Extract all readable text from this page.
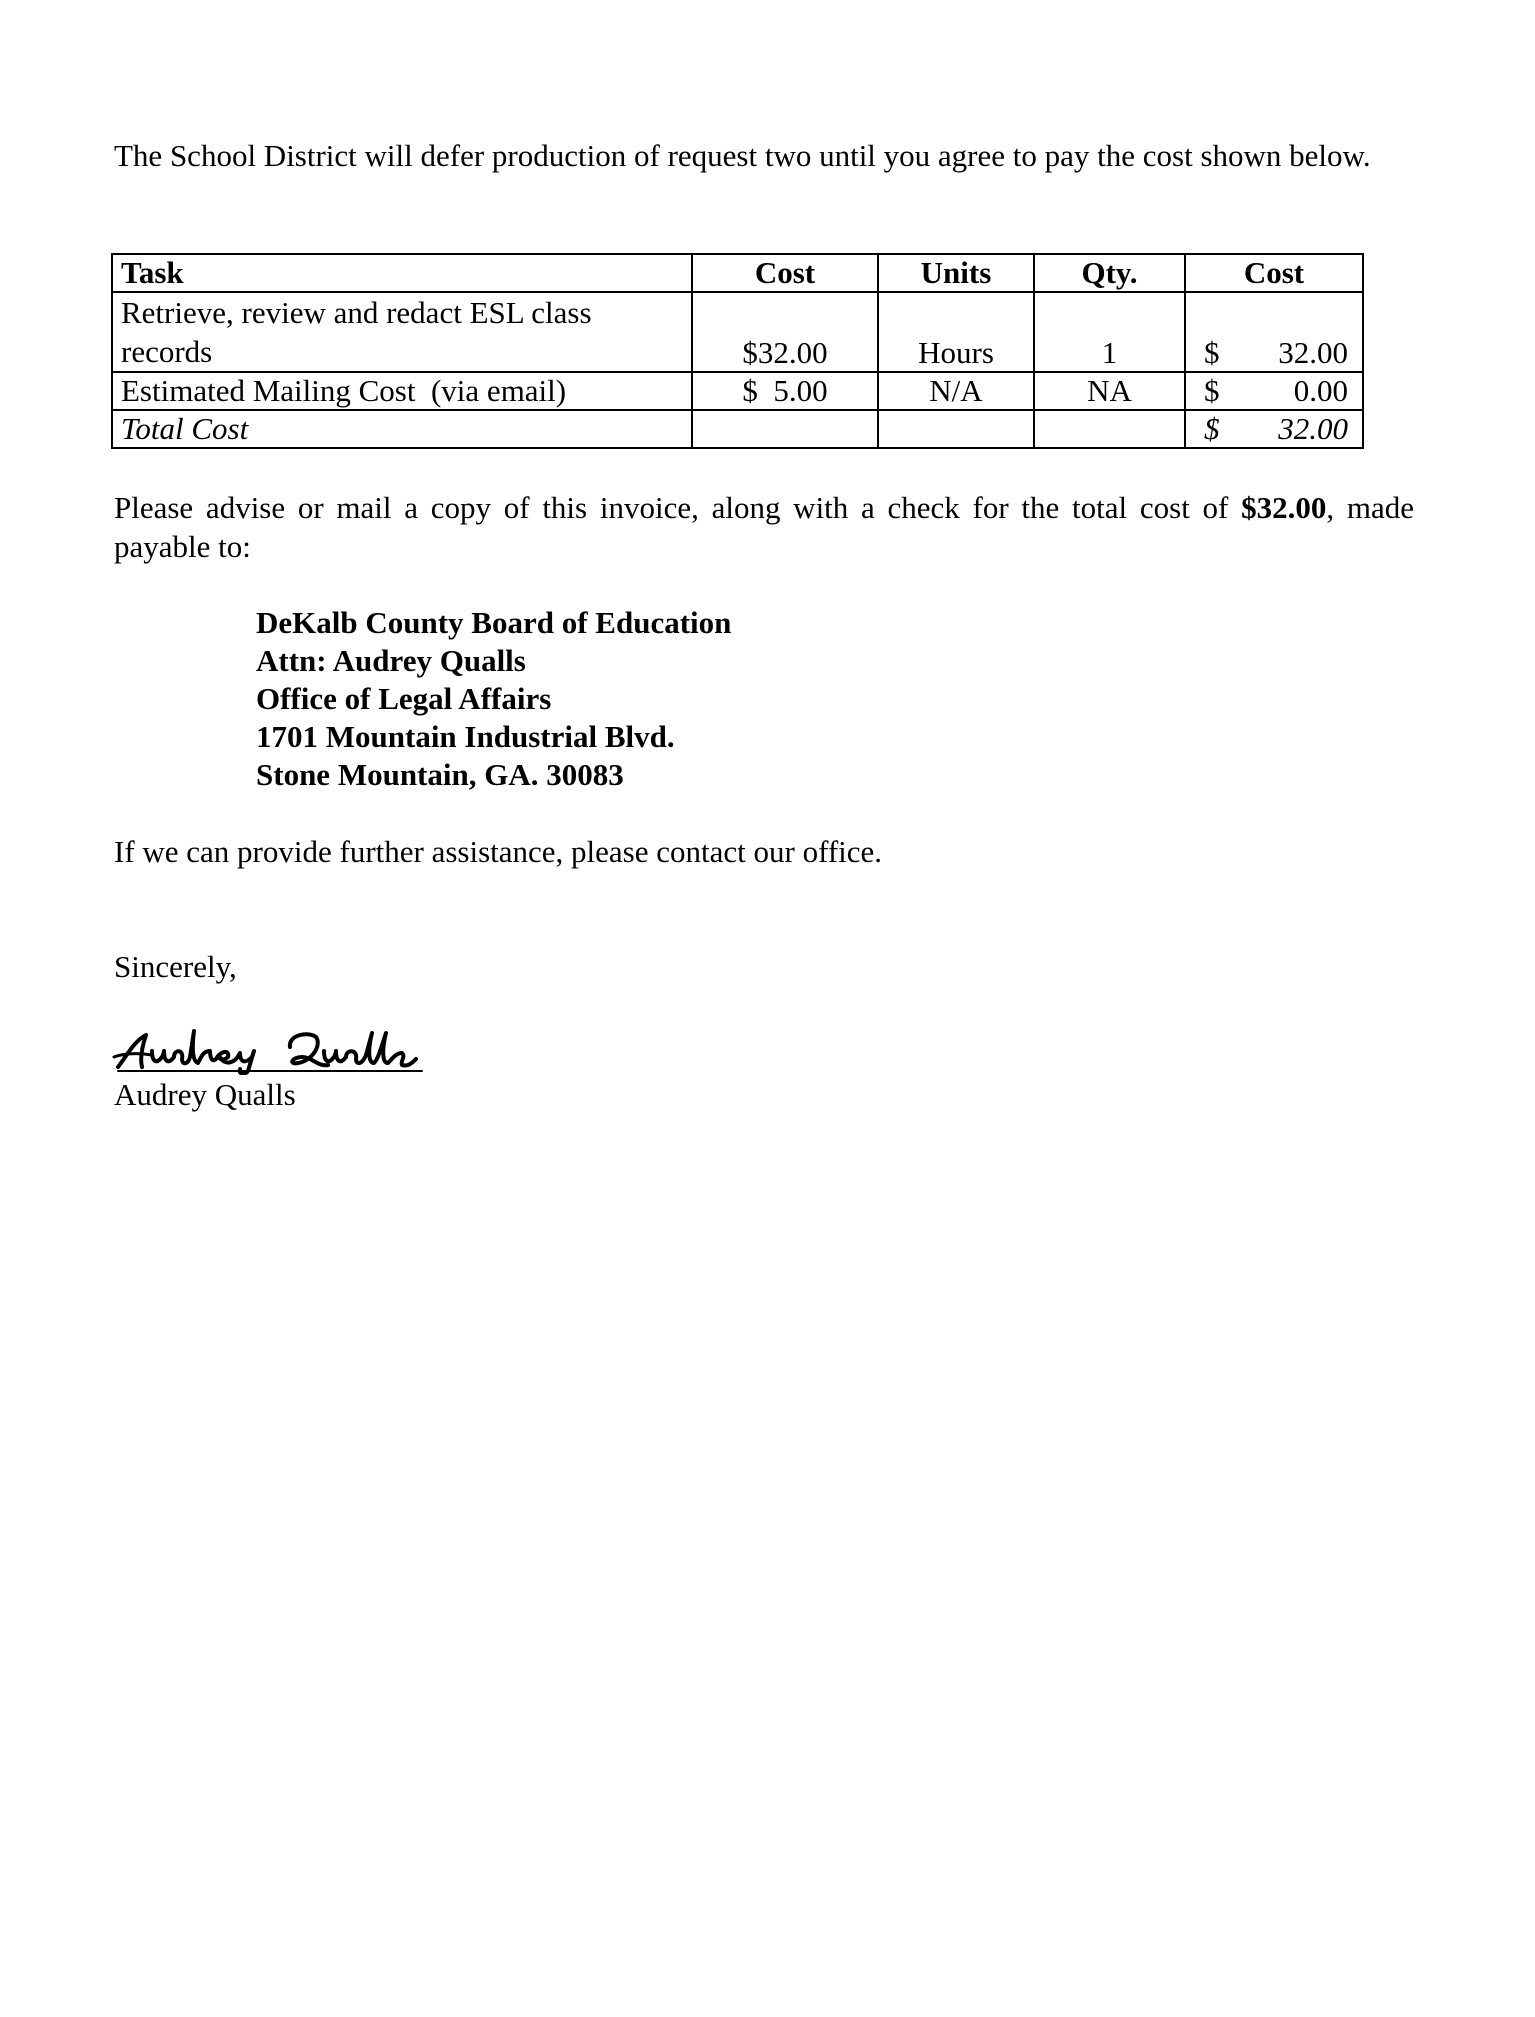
The School District will defer production of request two until you agree to pay the cost shown below.

Task	Cost	Units	Qty.	Cost
Retrieve, review and redact ESL class records	$32.00	Hours	1	$ 32.00

Estimated Mailing Cost  (via email)	$  5.00	N/A	NA	$ 0.00

Total Cost				$ 32.00

Please advise or mail a copy of this invoice, along with a check for the total cost of $32.00, made payable to:

DeKalb County Board of Education
Attn: Audrey Qualls
Office of Legal Affairs
1701 Mountain Industrial Blvd.
Stone Mountain, GA. 30083

If we can provide further assistance, please contact our office.

Sincerely,

Audrey Qualls
